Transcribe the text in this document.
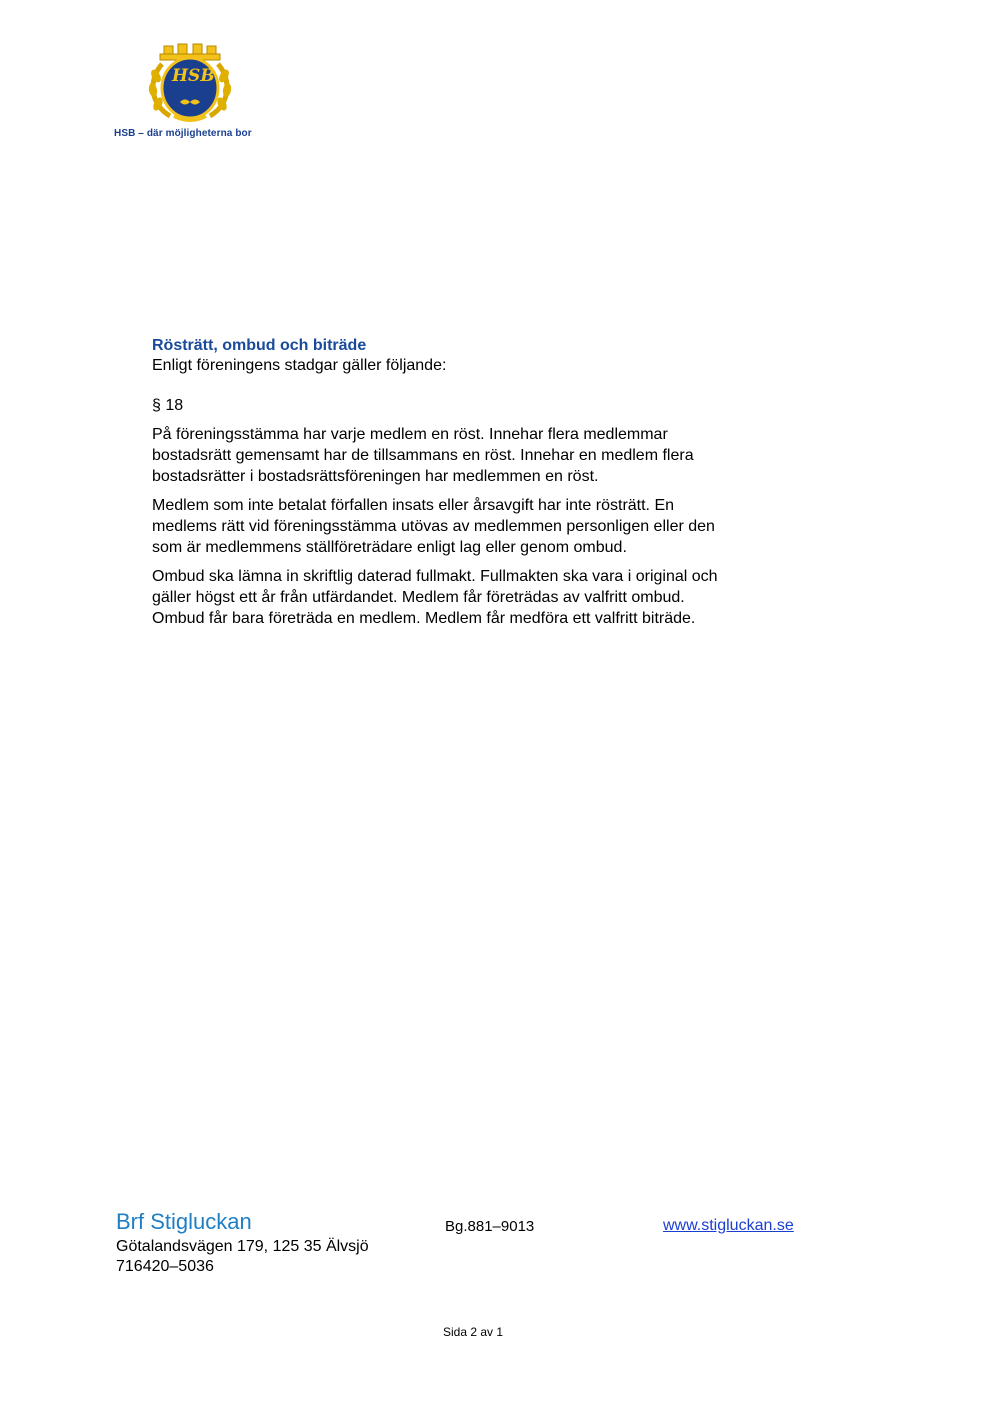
HSB
HSB – där möjligheterna bor

Rösträtt, ombud och biträde

Enligt föreningens stadgar gäller följande:

§ 18

På föreningsstämma har varje medlem en röst. Innehar flera medlemmar
bostadsrätt gemensamt har de tillsammans en röst. Innehar en medlem flera
bostadsrätter i bostadsrättsföreningen har medlemmen en röst.

Medlem som inte betalat förfallen insats eller årsavgift har inte rösträtt. En
medlems rätt vid föreningsstämma utövas av medlemmen personligen eller den
som är medlemmens ställföreträdare enligt lag eller genom ombud.

Ombud ska lämna in skriftlig daterad fullmakt. Fullmakten ska vara i original och
gäller högst ett år från utfärdandet. Medlem får företrädas av valfritt ombud.
Ombud får bara företräda en medlem. Medlem får medföra ett valfritt biträde.

Brf Stigluckan
Götalandsvägen 179, 125 35 Älvsjö
716420–5036
Bg.881–9013	www.stigluckan.se
Sida 2 av 1
